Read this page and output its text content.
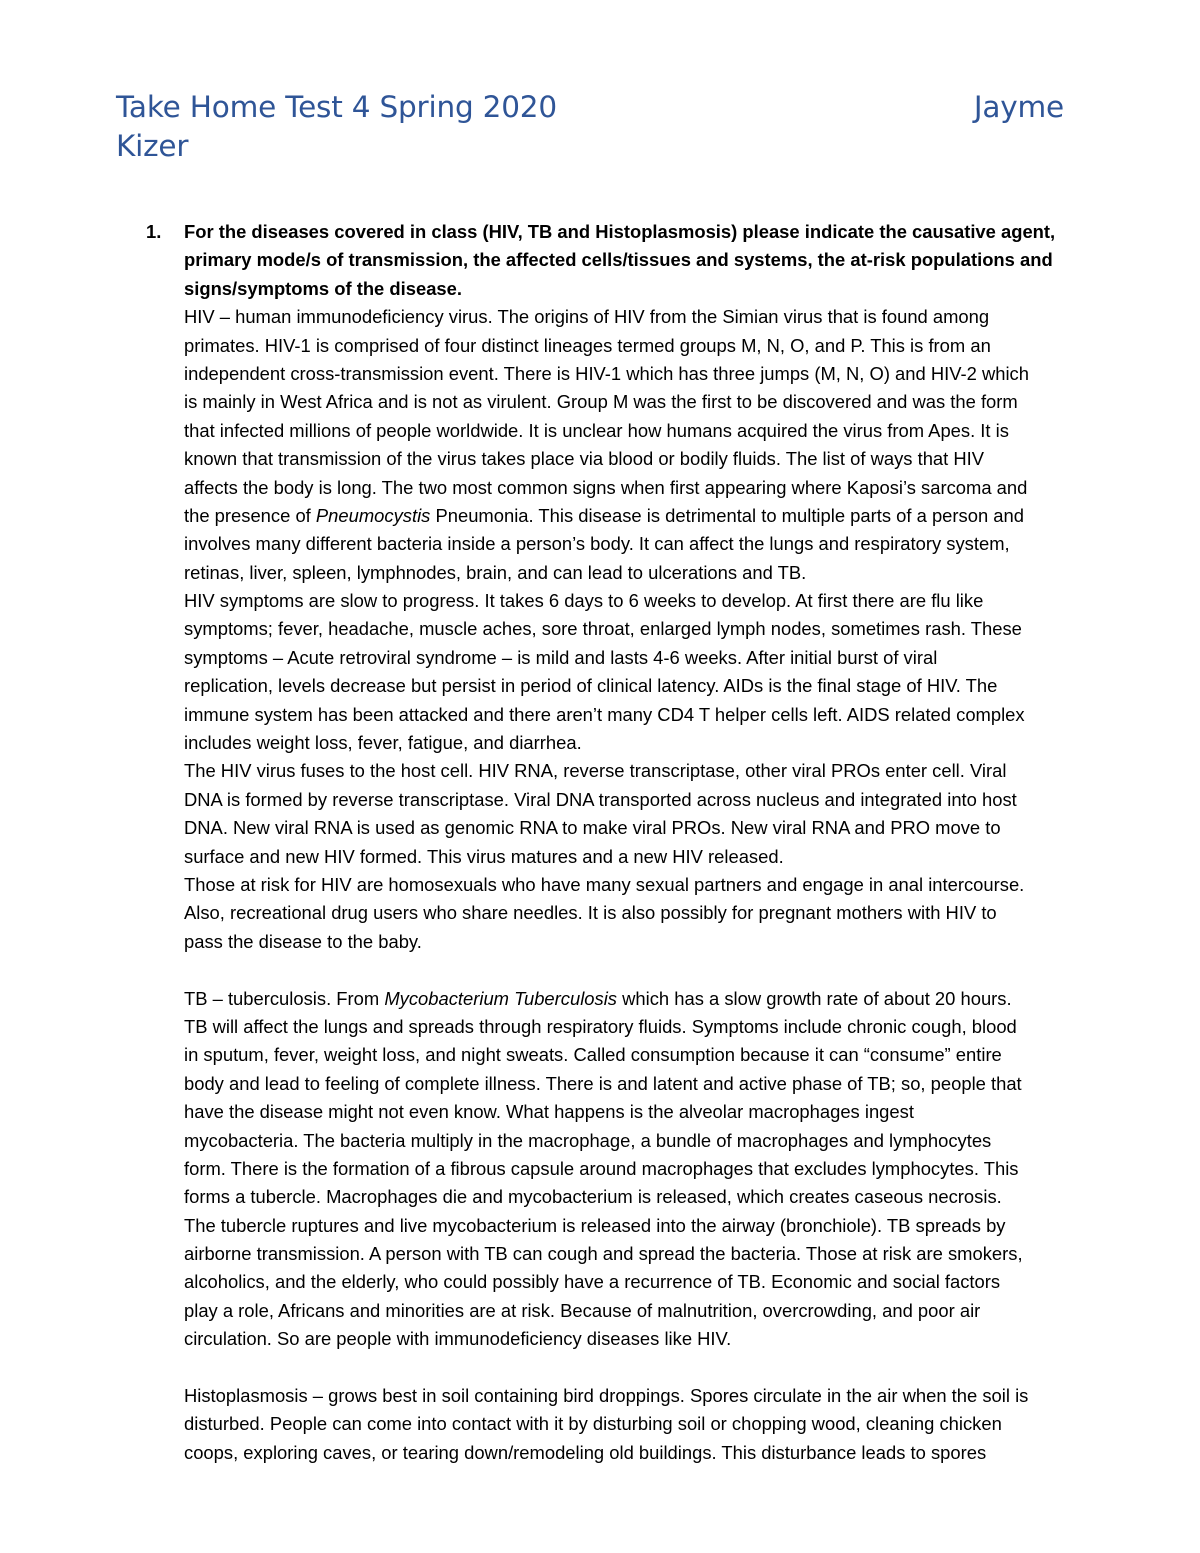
Take Home Test 4 Spring 2020	Jayme

Kizer
1. For the diseases covered in class (HIV, TB and Histoplasmosis) please indicate the causative agent,
primary mode/s of transmission, the affected cells/tissues and systems, the at-risk populations and
signs/symptoms of the disease.
HIV – human immunodeficiency virus. The origins of HIV from the Simian virus that is found among
primates. HIV-1 is comprised of four distinct lineages termed groups M, N, O, and P. This is from an
independent cross-transmission event. There is HIV-1 which has three jumps (M, N, O) and HIV-2 which
is mainly in West Africa and is not as virulent. Group M was the first to be discovered and was the form
that infected millions of people worldwide. It is unclear how humans acquired the virus from Apes. It is
known that transmission of the virus takes place via blood or bodily fluids. The list of ways that HIV
affects the body is long. The two most common signs when first appearing where Kaposi’s sarcoma and
the presence of Pneumocystis Pneumonia. This disease is detrimental to multiple parts of a person and
involves many different bacteria inside a person’s body. It can affect the lungs and respiratory system,
retinas, liver, spleen, lymphnodes, brain, and can lead to ulcerations and TB.
HIV symptoms are slow to progress. It takes 6 days to 6 weeks to develop. At first there are flu like
symptoms; fever, headache, muscle aches, sore throat, enlarged lymph nodes, sometimes rash. These
symptoms – Acute retroviral syndrome – is mild and lasts 4-6 weeks. After initial burst of viral
replication, levels decrease but persist in period of clinical latency. AIDs is the final stage of HIV. The
immune system has been attacked and there aren’t many CD4 T helper cells left. AIDS related complex
includes weight loss, fever, fatigue, and diarrhea.
The HIV virus fuses to the host cell. HIV RNA, reverse transcriptase, other viral PROs enter cell. Viral
DNA is formed by reverse transcriptase. Viral DNA transported across nucleus and integrated into host
DNA. New viral RNA is used as genomic RNA to make viral PROs. New viral RNA and PRO move to
surface and new HIV formed. This virus matures and a new HIV released.
Those at risk for HIV are homosexuals who have many sexual partners and engage in anal intercourse.
Also, recreational drug users who share needles. It is also possibly for pregnant mothers with HIV to
pass the disease to the baby.
TB – tuberculosis. From Mycobacterium Tuberculosis which has a slow growth rate of about 20 hours.
TB will affect the lungs and spreads through respiratory fluids. Symptoms include chronic cough, blood
in sputum, fever, weight loss, and night sweats. Called consumption because it can “consume” entire
body and lead to feeling of complete illness. There is and latent and active phase of TB; so, people that
have the disease might not even know. What happens is the alveolar macrophages ingest
mycobacteria. The bacteria multiply in the macrophage, a bundle of macrophages and lymphocytes
form. There is the formation of a fibrous capsule around macrophages that excludes lymphocytes. This
forms a tubercle. Macrophages die and mycobacterium is released, which creates caseous necrosis.
The tubercle ruptures and live mycobacterium is released into the airway (bronchiole). TB spreads by
airborne transmission. A person with TB can cough and spread the bacteria. Those at risk are smokers,
alcoholics, and the elderly, who could possibly have a recurrence of TB. Economic and social factors
play a role, Africans and minorities are at risk. Because of malnutrition, overcrowding, and poor air
circulation. So are people with immunodeficiency diseases like HIV.
Histoplasmosis – grows best in soil containing bird droppings. Spores circulate in the air when the soil is
disturbed. People can come into contact with it by disturbing soil or chopping wood, cleaning chicken
coops, exploring caves, or tearing down/remodeling old buildings. This disturbance leads to spores
